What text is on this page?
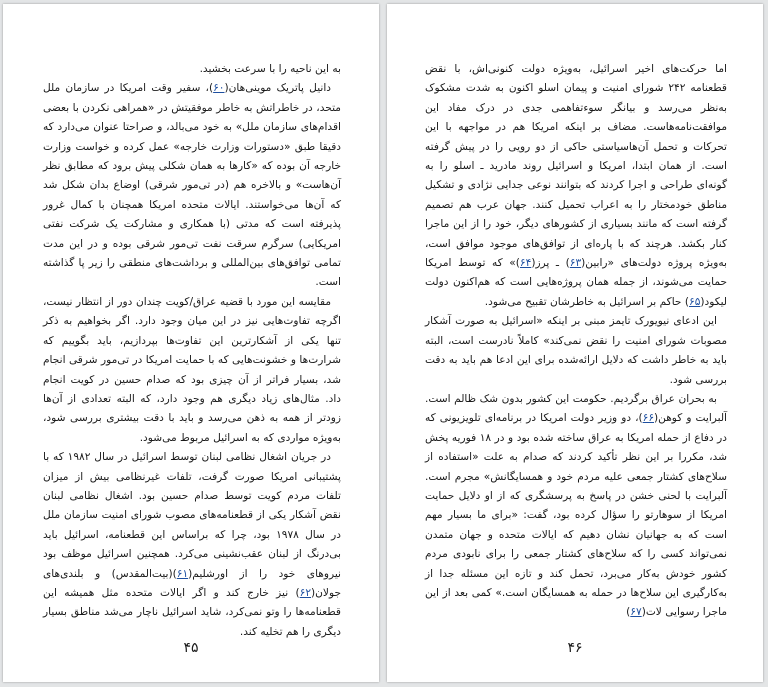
به این ناحیه را با سرعت بخشید.

دانیل پاتریک موینی‌هان(۶۰)، سفیر وقت امریکا در سازمان ملل متحد، در خاطراتش به خاطر موفقیتش در «همراهی نکردن با بعضی اقدام‌های سازمان ملل» به خود می‌بالد، و صراحتا عنوان می‌دارد که دقیقا طبق «دستورات وزارت خارجه» عمل کرده و خواست وزارت خارجه آن بوده که «کارها به همان شکلی پیش برود که مطابق نظر آن‌هاست» و بالاخره هم (در تی‌مور شرقی) اوضاع بدان شکل شد که آن‌ها می‌خواستند. ایالات متحده امریکا همچنان با کمال غرور پذیرفته است که مدتی (با همکاری و مشارکت یک شرکت نفتی امریکایی) سرگرم سرقت نفت تی‌مور شرقی بوده و در این مدت تمامی توافق‌های بین‌المللی و برداشت‌های منطقی را زیر پا گذاشته است.

مقایسه این مورد با قضیه عراق/کویت چندان دور از انتظار نیست، اگرچه تفاوت‌هایی نیز در این میان وجود دارد. اگر بخواهیم به ذکر تنها یکی از آشکارترین این تفاوت‌ها بپردازیم، باید بگوییم که شرارت‌ها و خشونت‌هایی که با حمایت امریکا در تی‌مور شرقی انجام شد، بسیار فراتر از آن چیزی بود که صدام حسین در کویت انجام داد. مثال‌های زیاد دیگری هم وجود دارد، که البته تعدادی از آن‌ها زودتر از همه به ذهن می‌رسد و باید با دقت بیشتری بررسی شود، به‌ویژه مواردی که به اسرائیل مربوط می‌شود.

در جریان اشغال نظامی لبنان توسط اسرائیل در سال ۱۹۸۲ که با پشتیبانی امریکا صورت گرفت، تلفات غیرنظامی بیش از میزان تلفات مردم کویت توسط صدام حسین بود. اشغال نظامی لبنان نقض آشکار یکی از قطعنامه‌های مصوب شورای امنیت سازمان ملل در سال ۱۹۷۸ بود، چرا که براساس این قطعنامه، اسرائیل باید بی‌درنگ از لبنان عقب‌نشینی می‌کرد. همچنین اسرائیل موظف بود نیروهای خود را از اورشلیم(۶۱)(بیت‌المقدس) و بلندی‌های جولان(۶۲) نیز خارج کند و اگر ایالات متحده مثل همیشه این قطعنامه‌ها را وتو نمی‌کرد، شاید اسرائیل ناچار می‌شد مناطق بسیار دیگری را هم تخلیه کند.

۴۵

اما حرکت‌های اخیر اسرائیل، به‌ویژه دولت کنونی‌اش، با نقض قطعنامه ۲۴۲ شورای امنیت و پیمان اسلو اکنون به شدت مشکوک به‌نظر می‌رسد و بیانگر سوءتفاهمی جدی در درک مفاد این موافقت‌نامه‌هاست. مضاف بر اینکه امریکا هم در مواجهه با این تحرکات و تحمل آن‌هاسیاستی حاکی از دو رویی را در پیش گرفته است. از همان ابتدا، امریکا و اسرائیل روند مادرید ـ اسلو را به گونه‌ای طراحی و اجرا کردند که بتوانند نوعی جدایی نژادی و تشکیل مناطق خودمختار را به اعراب تحمیل کنند. جهان عرب هم تصمیم گرفته است که مانند بسیاری از کشورهای دیگر، خود را از این ماجرا کنار بکشد. هرچند که با پاره‌ای از توافق‌های موجود موافق است، به‌ویژه پروژه دولت‌های «رابین(۶۳) ـ پرز(۶۴)» که توسط امریکا حمایت می‌شوند، از جمله همان پروژه‌هایی است که هم‌اکنون دولت لیکود(۶۵) حاکم بر اسرائیل به خاطرشان تقبیح می‌شود.

این ادعای نیویورک تایمز مبنی بر اینکه «اسرائیل به صورت آشکار مصوبات شورای امنیت را نقض نمی‌کند» کاملاً نادرست است، البته باید به خاطر داشت که دلایل ارائه‌شده برای این ادعا هم باید به دقت بررسی شود.

به بحران عراق برگردیم. حکومت این کشور بدون شک ظالم است. آلبرایت و کوهن(۶۶)، دو وزیر دولت امریکا در برنامه‌ای تلویزیونی که در دفاع از حمله امریکا به عراق ساخته شده بود و در ۱۸ فوریه پخش شد، مکررا بر این نظر تأکید کردند که صدام به علت «استفاده از سلاح‌های کشتار جمعی علیه مردم خود و همسایگانش» مجرم است. آلبرایت با لحنی خشن در پاسخ به پرسشگری که از او دلایل حمایت امریکا از سوهارتو را سؤال کرده بود، گفت: «برای ما بسیار مهم است که به جهانیان نشان دهیم که ایالات متحده و جهان متمدن نمی‌تواند کسی را که سلاح‌های کشتار جمعی را برای نابودی مردم کشور خودش به‌کار می‌برد، تحمل کند و تازه این مسئله جدا از به‌کارگیری این سلاح‌ها در حمله به همسایگان است.» کمی بعد از این ماجرا رسوایی لات(۶۷)

۴۶
